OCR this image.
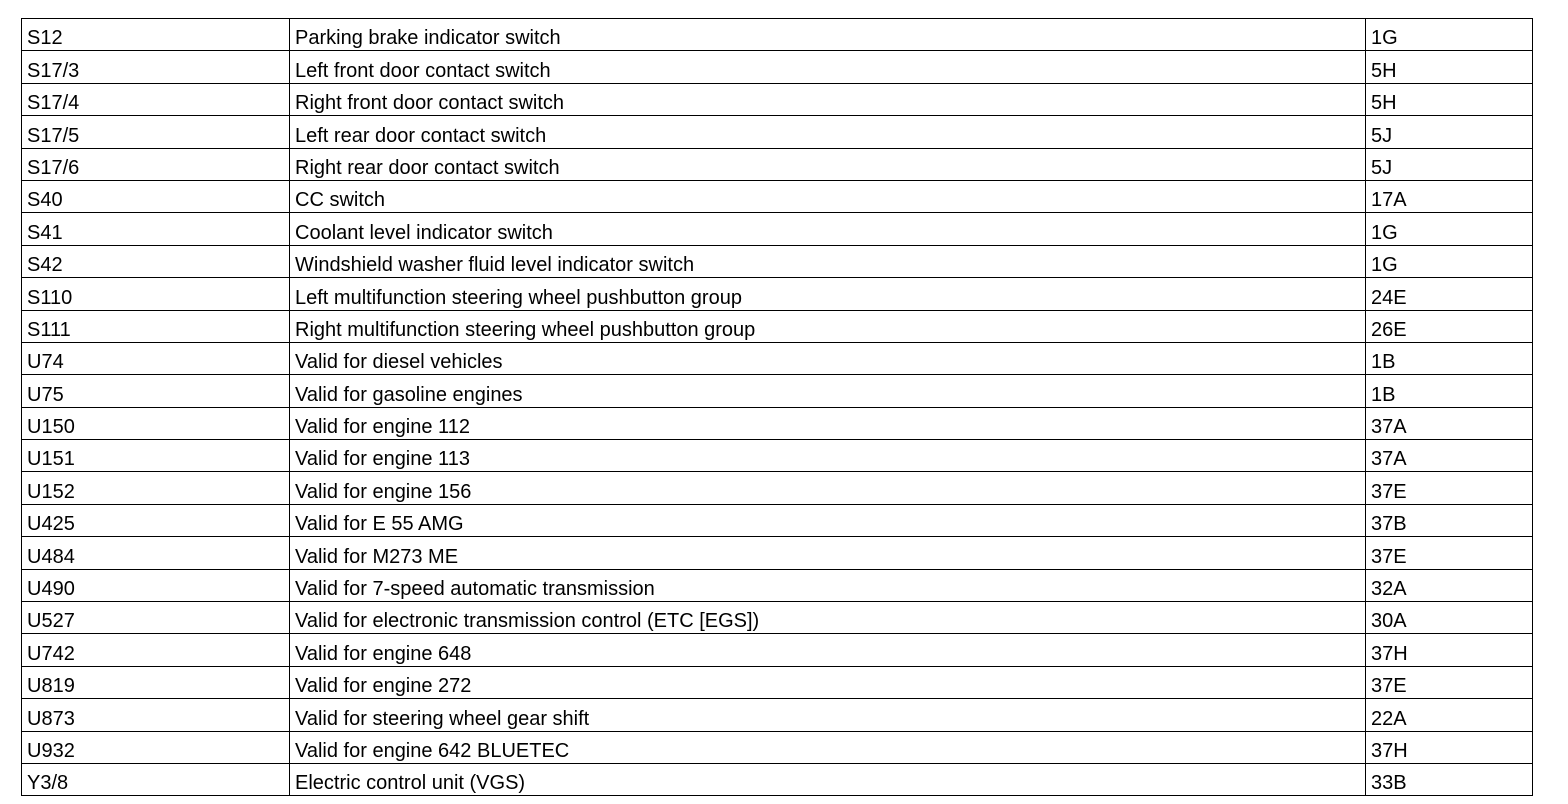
S12	Parking brake indicator switch	1G
S17/3	Left front door contact switch	5H
S17/4	Right front door contact switch	5H
S17/5	Left rear door contact switch	5J
S17/6	Right rear door contact switch	5J
S40	CC switch	17A
S41	Coolant level indicator switch	1G
S42	Windshield washer fluid level indicator switch	1G
S110	Left multifunction steering wheel pushbutton group	24E
S111	Right multifunction steering wheel pushbutton group	26E
U74	Valid for diesel vehicles	1B
U75	Valid for gasoline engines	1B
U150	Valid for engine 112	37A
U151	Valid for engine 113	37A
U152	Valid for engine 156	37E
U425	Valid for E 55 AMG	37B
U484	Valid for M273 ME	37E
U490	Valid for 7-speed automatic transmission	32A
U527	Valid for electronic transmission control (ETC [EGS])	30A
U742	Valid for engine 648	37H
U819	Valid for engine 272	37E
U873	Valid for steering wheel gear shift	22A
U932	Valid for engine 642 BLUETEC	37H
Y3/8	Electric control unit (VGS)	33B
